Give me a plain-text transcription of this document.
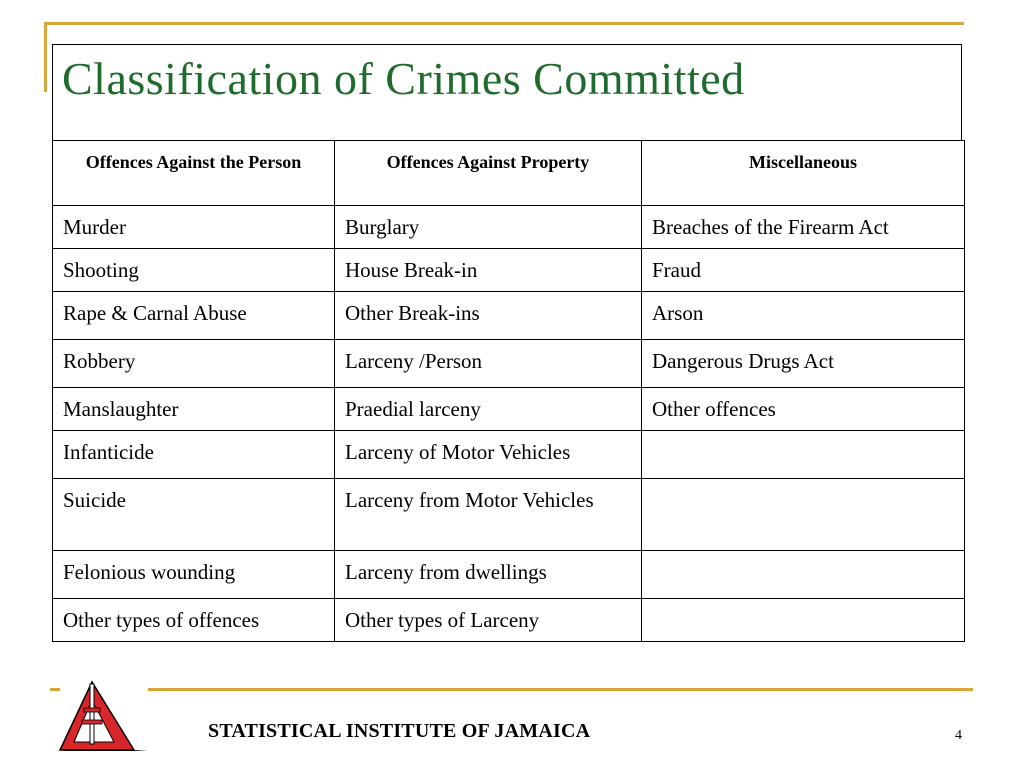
Classification of Crimes Committed
Offences Against the Person	Offences Against Property	Miscellaneous
Murder	Burglary	Breaches of the Firearm Act
Shooting	House Break-in	Fraud
Rape & Carnal Abuse	Other Break-ins	Arson
Robbery	Larceny /Person	Dangerous Drugs Act
Manslaughter	Praedial larceny	Other offences
Infanticide	Larceny of Motor Vehicles	
Suicide	Larceny from Motor Vehicles	
Felonious wounding	Larceny from dwellings	
Other types of offences	Other types of Larceny	
STATISTICAL INSTITUTE OF JAMAICA	4
